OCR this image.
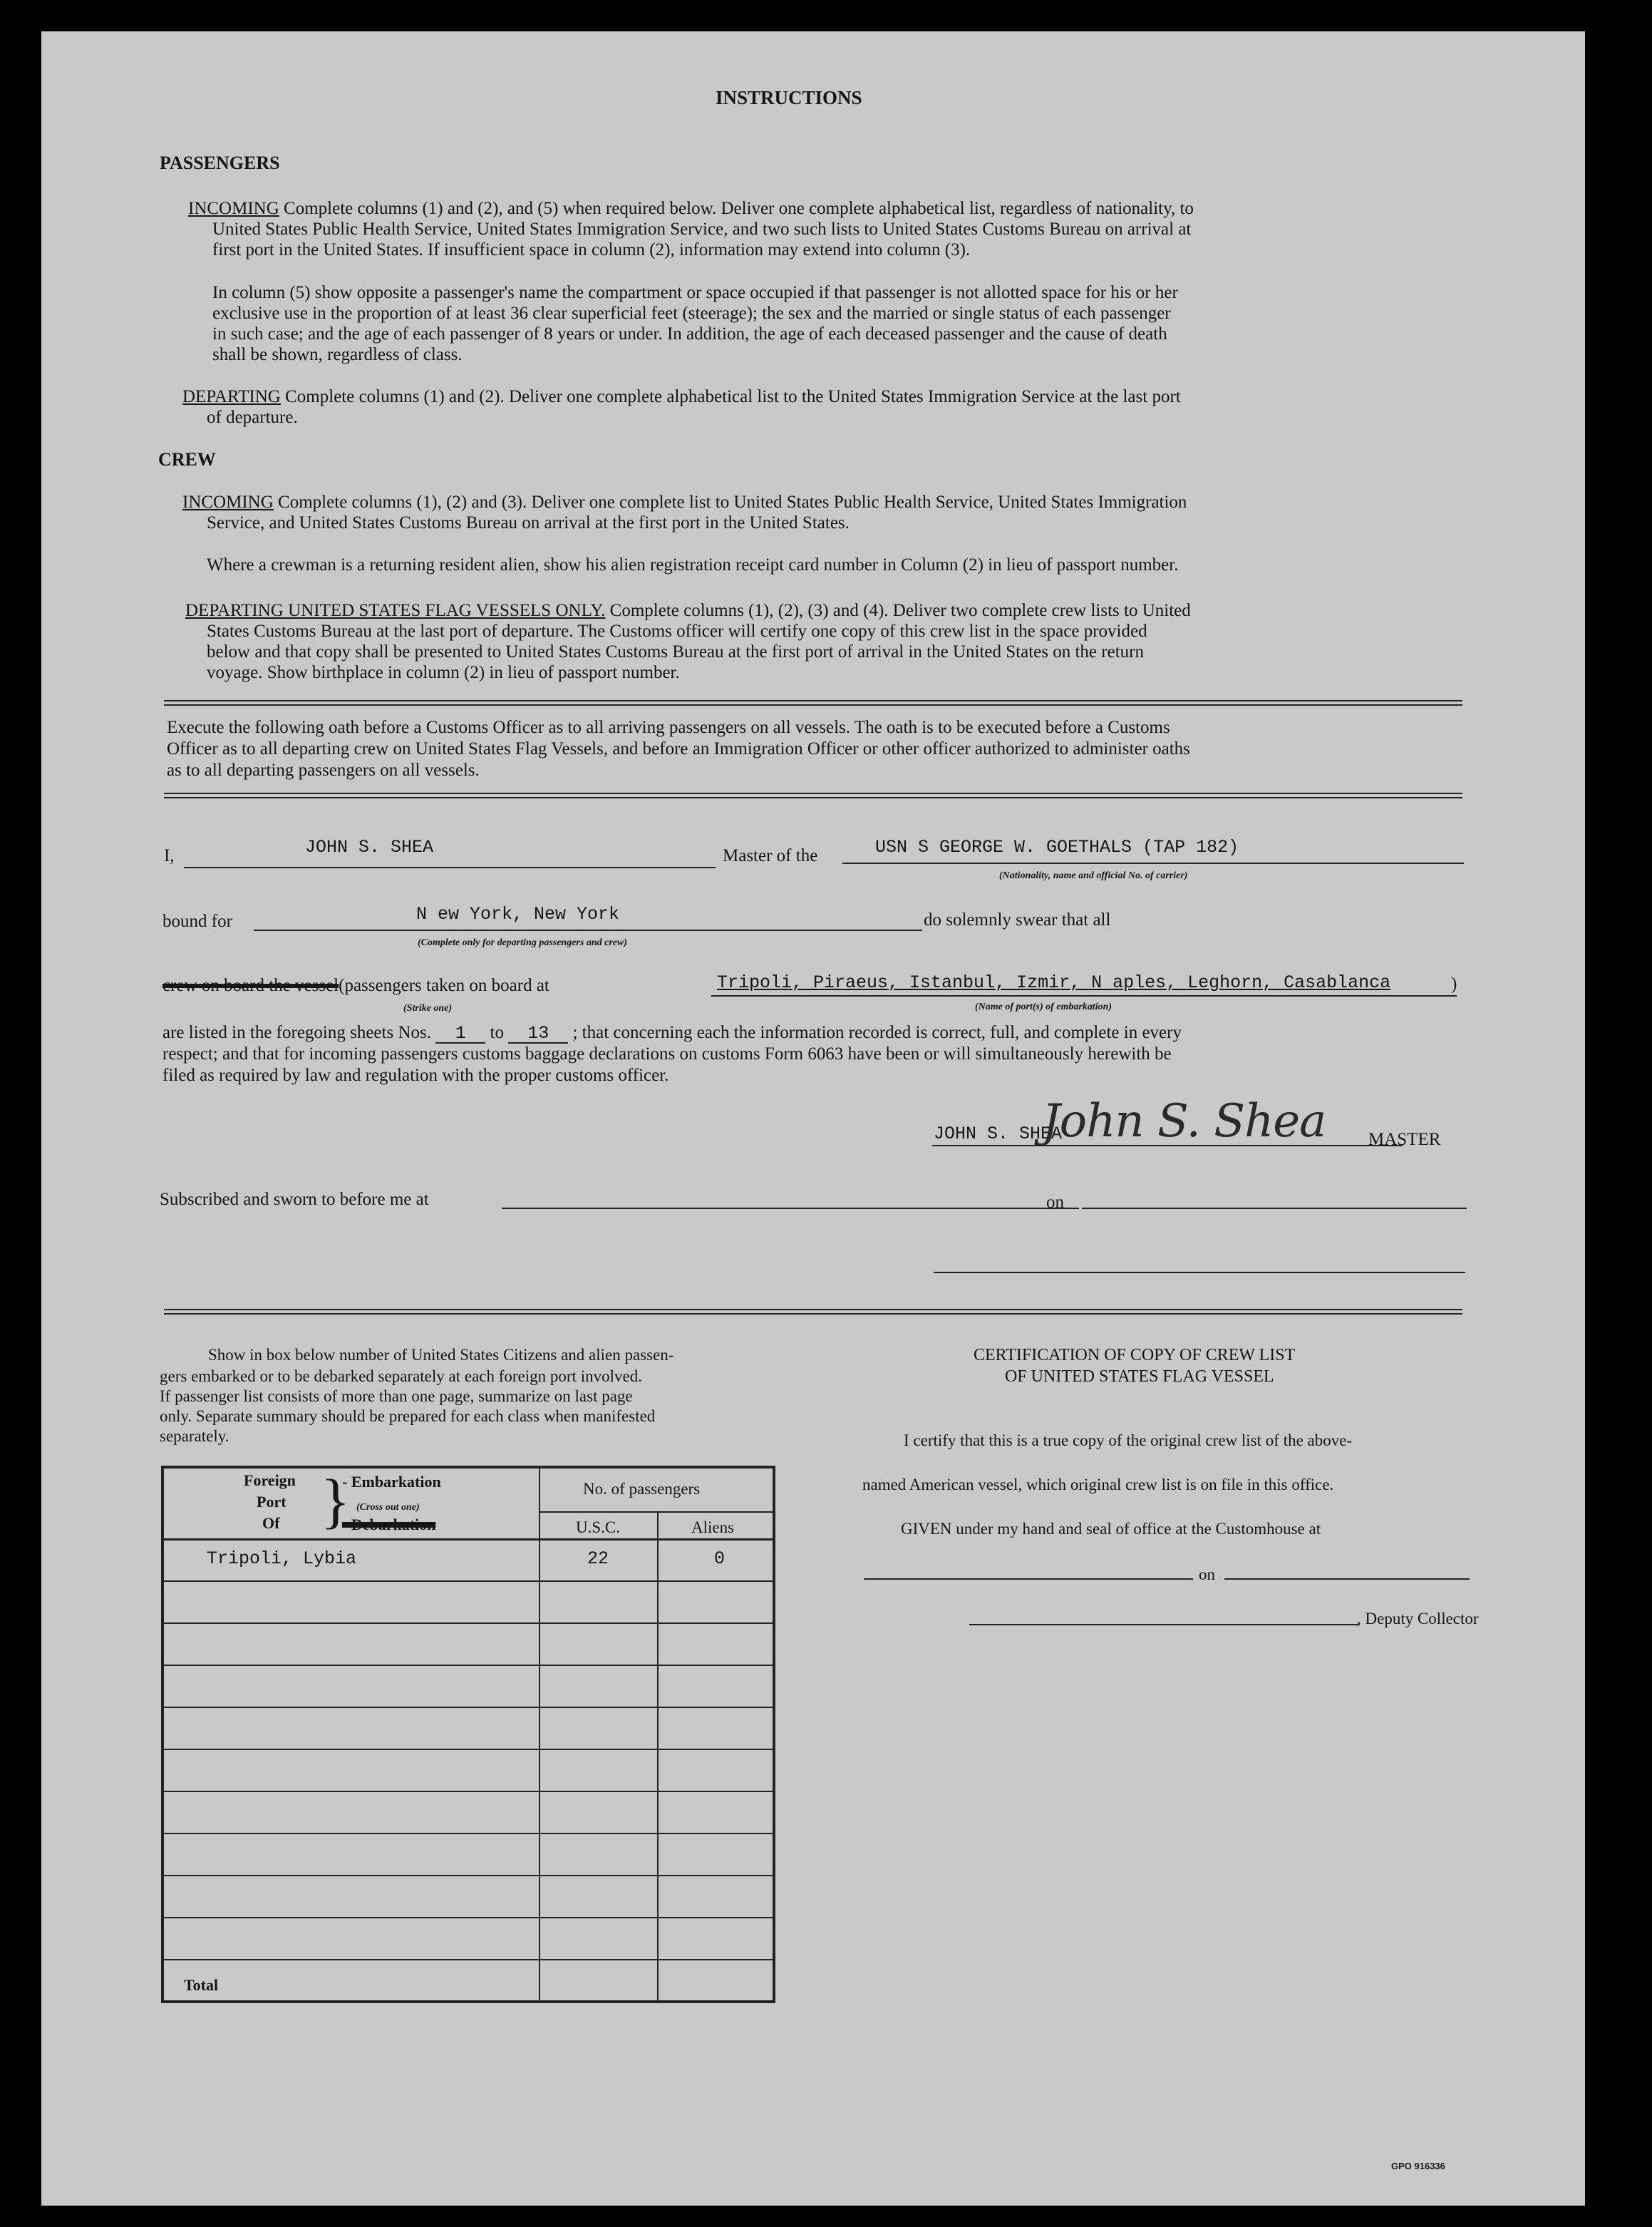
INSTRUCTIONS
PASSENGERS
INCOMING Complete columns (1) and (2), and (5) when required below. Deliver one complete alphabetical list, regardless of nationality, to
United States Public Health Service, United States Immigration Service, and two such lists to United States Customs Bureau on arrival at
first port in the United States. If insufficient space in column (2), information may extend into column (3).
In column (5) show opposite a passenger's name the compartment or space occupied if that passenger is not allotted space for his or her
exclusive use in the proportion of at least 36 clear superficial feet (steerage); the sex and the married or single status of each passenger
in such case; and the age of each passenger of 8 years or under. In addition, the age of each deceased passenger and the cause of death
shall be shown, regardless of class.
DEPARTING Complete columns (1) and (2). Deliver one complete alphabetical list to the United States Immigration Service at the last port
of departure.
CREW
INCOMING Complete columns (1), (2) and (3). Deliver one complete list to United States Public Health Service, United States Immigration
Service, and United States Customs Bureau on arrival at the first port in the United States.
Where a crewman is a returning resident alien, show his alien registration receipt card number in Column (2) in lieu of passport number.
DEPARTING UNITED STATES FLAG VESSELS ONLY. Complete columns (1), (2), (3) and (4). Deliver two complete crew lists to United
States Customs Bureau at the last port of departure. The Customs officer will certify one copy of this crew list in the space provided
below and that copy shall be presented to United States Customs Bureau at the first port of arrival in the United States on the return
voyage. Show birthplace in column (2) in lieu of passport number.
Execute the following oath before a Customs Officer as to all arriving passengers on all vessels. The oath is to be executed before a Customs
Officer as to all departing crew on United States Flag Vessels, and before an Immigration Officer or other officer authorized to administer oaths
as to all departing passengers on all vessels.
I,	JOHN S. SHEA	Master of the	USN S GEORGE W. GOETHALS (TAP 182)
(Nationality, name and official No. of carrier)
bound for	N ew York, New York
(Complete only for departing passengers and crew)
do solemnly swear that all
crew on board the vessel(passengers taken on board at
(Strike one)
Tripoli, Piraeus, Istanbul, Izmir, N aples, Leghorn, Casablanca
(Name of port(s) of embarkation)
)
are listed in the foregoing sheets Nos. 1 to 13 ; that concerning each the information recorded is correct, full, and complete in every
respect; and that for incoming passengers customs baggage declarations on customs Form 6063 have been or will simultaneously herewith be
filed as required by law and regulation with the proper customs officer.
JOHN S. SHEA
John S. Shea MASTER
Subscribed and sworn to before me at	on
Show in box below number of United States Citizens and alien passen-
gers embarked or to be debarked separately at each foreign port involved.
If passenger list consists of more than one page, summarize on last page
only. Separate summary should be prepared for each class when manifested
separately.
Foreign
Port
Of }
- Embarkation
(Cross out one)
- Debarkation
No. of passengers
U.S.C.	Aliens
Tripoli, Lybia	22	0
Total
CERTIFICATION OF COPY OF CREW LIST
OF UNITED STATES FLAG VESSEL
I certify that this is a true copy of the original crew list of the above-
named American vessel, which original crew list is on file in this office.
GIVEN under my hand and seal of office at the Customhouse at
on
, Deputy Collector
GPO 916336
